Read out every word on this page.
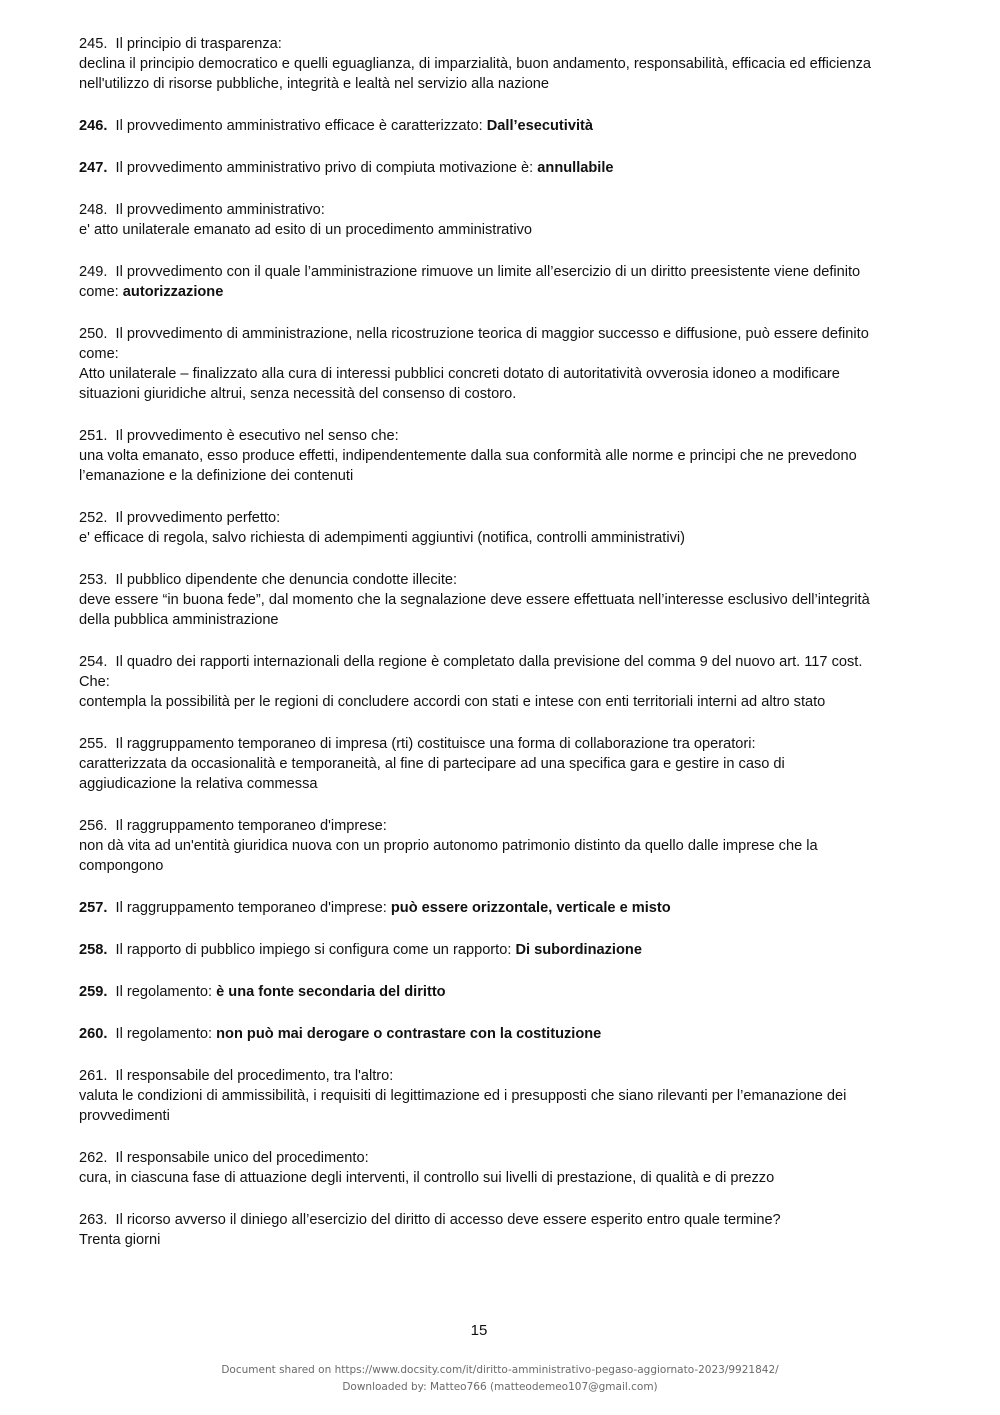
245. Il principio di trasparenza:
declina il principio democratico e quelli eguaglianza, di imparzialità, buon andamento, responsabilità, efficacia ed efficienza
nell'utilizzo di risorse pubbliche, integrità e lealtà nel servizio alla nazione
246. Il provvedimento amministrativo efficace è caratterizzato: Dall’esecutività
247. Il provvedimento amministrativo privo di compiuta motivazione è: annullabile
248. Il provvedimento amministrativo:
e' atto unilaterale emanato ad esito di un procedimento amministrativo
249. Il provvedimento con il quale l’amministrazione rimuove un limite all’esercizio di un diritto preesistente viene definito
come: autorizzazione
250. Il provvedimento di amministrazione, nella ricostruzione teorica di maggior successo e diffusione, può essere definito
come:
Atto unilaterale – finalizzato alla cura di interessi pubblici concreti dotato di autoritatività ovverosia idoneo a modificare
situazioni giuridiche altrui, senza necessità del consenso di costoro.
251. Il provvedimento è esecutivo nel senso che:
una volta emanato, esso produce effetti, indipendentemente dalla sua conformità alle norme e principi che ne prevedono
l’emanazione e la definizione dei contenuti
252. Il provvedimento perfetto:
e' efficace di regola, salvo richiesta di adempimenti aggiuntivi (notifica, controlli amministrativi)
253. Il pubblico dipendente che denuncia condotte illecite:
deve essere “in buona fede”, dal momento che la segnalazione deve essere effettuata nell’interesse esclusivo dell’integrità
della pubblica amministrazione
254. Il quadro dei rapporti internazionali della regione è completato dalla previsione del comma 9 del nuovo art. 117 cost.
Che:
contempla la possibilità per le regioni di concludere accordi con stati e intese con enti territoriali interni ad altro stato
255. Il raggruppamento temporaneo di impresa (rti) costituisce una forma di collaborazione tra operatori:
caratterizzata da occasionalità e temporaneità, al fine di partecipare ad una specifica gara e gestire in caso di
aggiudicazione la relativa commessa
256. Il raggruppamento temporaneo d'imprese:
non dà vita ad un'entità giuridica nuova con un proprio autonomo patrimonio distinto da quello dalle imprese che la
compongono
257. Il raggruppamento temporaneo d'imprese: può essere orizzontale, verticale e misto
258. Il rapporto di pubblico impiego si configura come un rapporto: Di subordinazione
259. Il regolamento: è una fonte secondaria del diritto
260. Il regolamento: non può mai derogare o contrastare con la costituzione
261. Il responsabile del procedimento, tra l'altro:
valuta le condizioni di ammissibilità, i requisiti di legittimazione ed i presupposti che siano rilevanti per l’emanazione dei
provvedimenti
262. Il responsabile unico del procedimento:
cura, in ciascuna fase di attuazione degli interventi, il controllo sui livelli di prestazione, di qualità e di prezzo
263. Il ricorso avverso il diniego all’esercizio del diritto di accesso deve essere esperito entro quale termine?
Trenta giorni
15
Document shared on https://www.docsity.com/it/diritto-amministrativo-pegaso-aggiornato-2023/9921842/
Downloaded by: Matteo766 (matteodemeo107@gmail.com)
